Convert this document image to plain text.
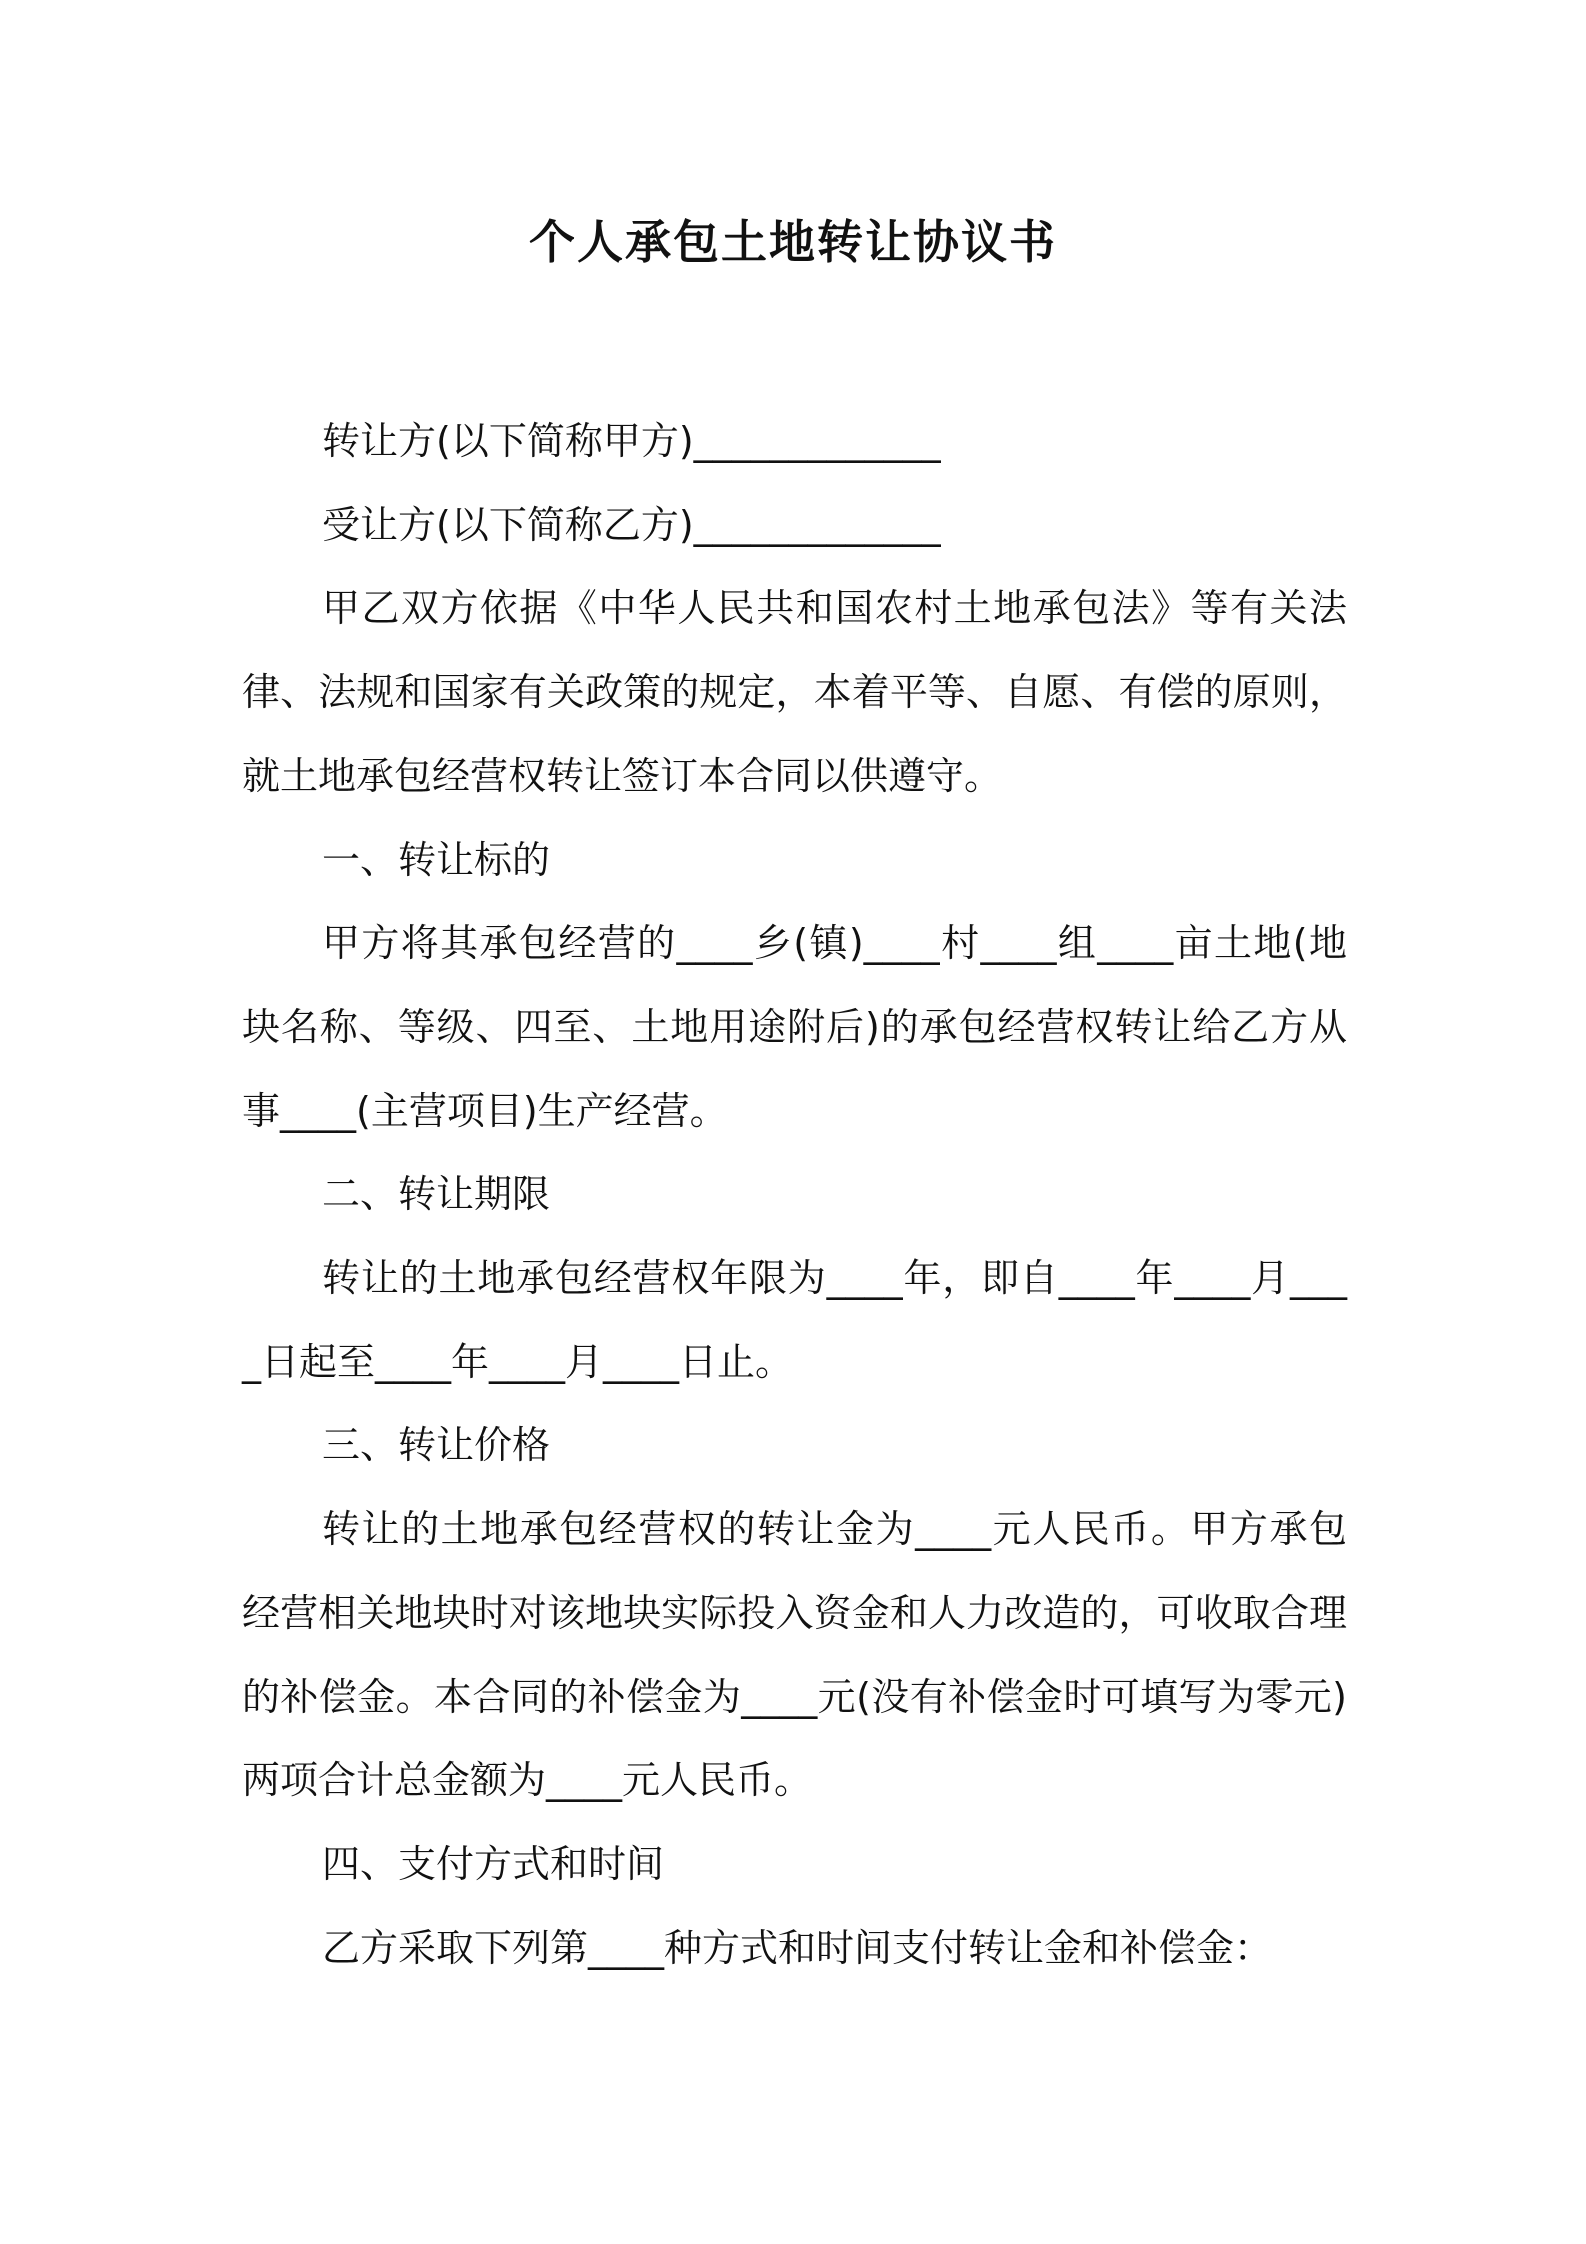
个人承包土地转让协议书

转让方(以下简称甲方)_____________

受让方(以下简称乙方)_____________

甲乙双方依据《中华人民共和国农村土地承包法》等有关法律、法规和国家有关政策的规定，本着平等、自愿、有偿的原则，就土地承包经营权转让签订本合同以供遵守。

一、转让标的

甲方将其承包经营的____乡(镇)____村____组____亩土地(地块名称、等级、四至、土地用途附后)的承包经营权转让给乙方从事____(主营项目)生产经营。

二、转让期限

转让的土地承包经营权年限为____年，即自____年____月____日起至____年____月____日止。

三、转让价格

转让的土地承包经营权的转让金为____元人民币。甲方承包经营相关地块时对该地块实际投入资金和人力改造的，可收取合理的补偿金。本合同的补偿金为____元(没有补偿金时可填写为零元)两项合计总金额为____元人民币。

四、支付方式和时间

乙方采取下列第____种方式和时间支付转让金和补偿金：
